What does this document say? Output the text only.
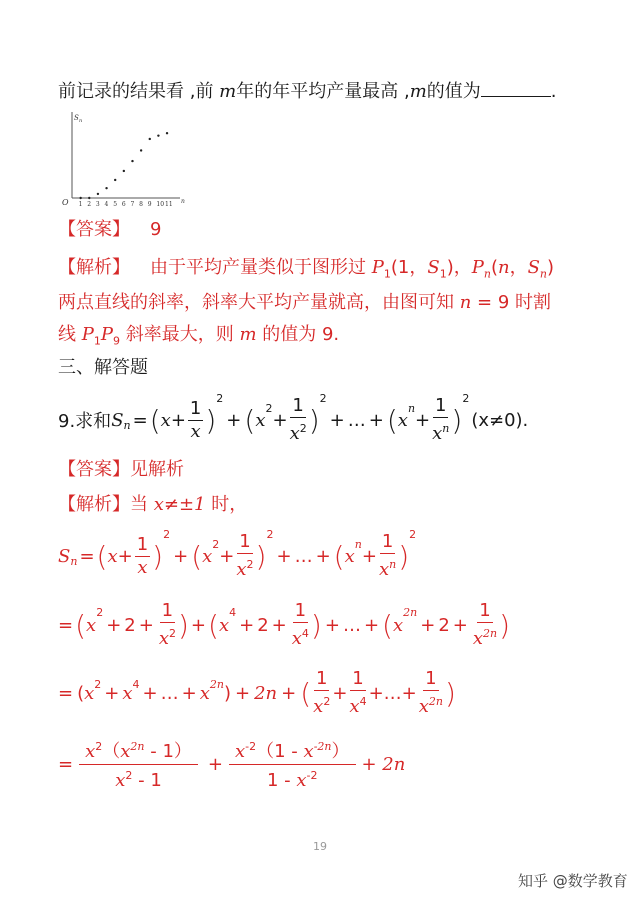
前记录的结果看 ,前 m年的年平均产量最高 ,m的值为	.
S n
n
O 1 2 3 4 5 6 7 8 9 10 11
【答案】 9
【解析】 由于平均产量类似于图形过 $P_1(1$，$S_1$)，$P_n(n$，$S_n$)
两点直线的斜率，斜率大平均产量就高，由图可知 n = 9 时割
线 $P_1P_9$ 斜率最大，则 m 的值为 9.
三、解答题
9.求和 $S_n$ = ( $x + \frac{1}{x}$ )
$^2$
+ ( x
$^2$
+ $\frac{1}{x^2}$ )
$^2$
+ … + ( x
$^n$
+ $\frac{1}{x^n}$ )
$^2$
(x≠0).
【答案】见解析
【解析】当 x≠±1 时，
$S_n$ = ( $x + \frac{1}{x}$ )
$^2$
+ ( x
$^2$
+ $\frac{1}{x^2}$ )
$^2$
+ … + ( x
$^n$
+ $\frac{1}{x^n}$ )
$^2$
= ( x
$^2$
+ $2 + \frac{1}{x^2}$ ) + ( x
$^4$
+ $2 + \frac{1}{x^4}$ ) + … + ( x
$^{2n}$
+ $2 + \frac{1}{x^{2n}}$ )
= ( $x^2 + x^4$ + … + $x^{2n}$ ) + 2n + ( $\frac{1}{x^2} + \frac{1}{x^4}$ + … + $\frac{1}{x^{2n}}$ )
= $\frac{x^2(x^{2n} - 1)}{x^2 - 1} + \frac{x^{-2}(1 - x^{-2n})}{1 - x^{-2}} + 2n$
19
知乎 @数学教育
